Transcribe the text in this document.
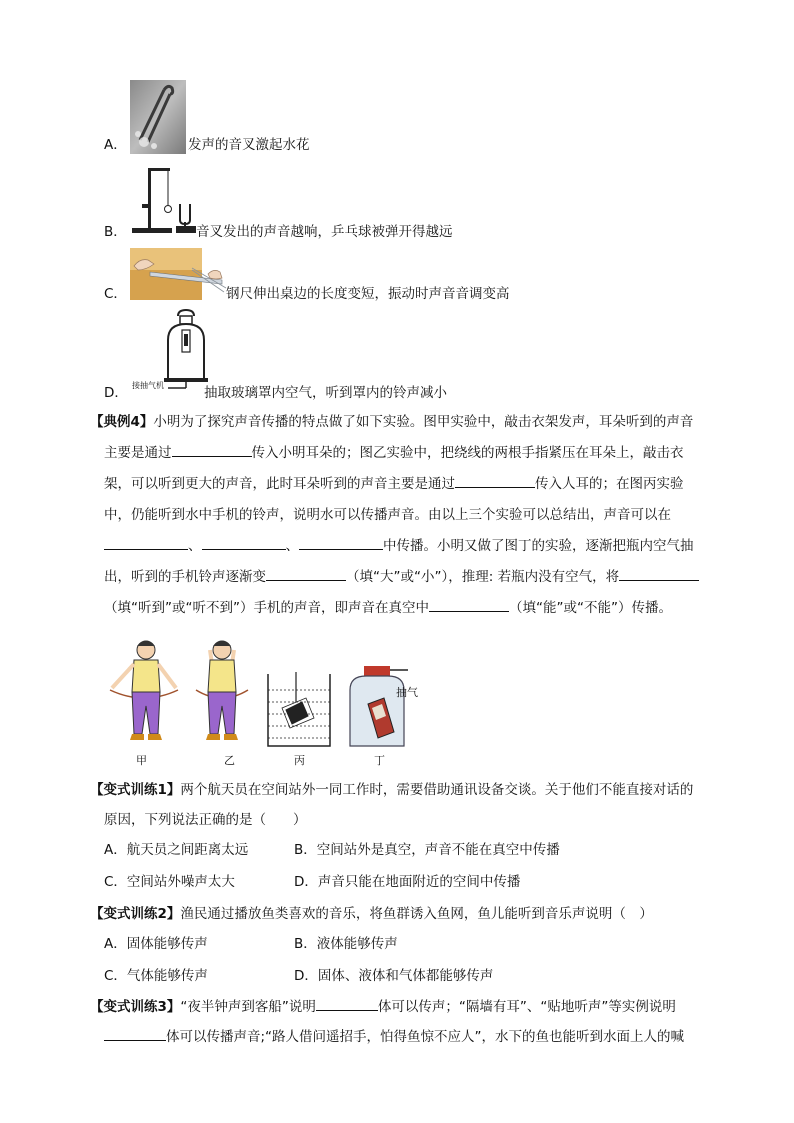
A．	发声的音叉激起水花
B．	音叉发出的声音越响，乒乓球被弹开得越远
C．	钢尺伸出桌边的长度变短，振动时声音音调变高
D． 接抽气机	抽取玻璃罩内空气，听到罩内的铃声减小
【典例4】小明为了探究声音传播的特点做了如下实验。图甲实验中，敲击衣架发声，耳朵听到的声音
主要是通过	传入小明耳朵的；图乙实验中，把绕线的两根手指紧压在耳朵上，敲击衣
架，可以听到更大的声音，此时耳朵听到的声音主要是通过	传入人耳的；在图丙实验
中，仍能听到水中手机的铃声，说明水可以传播声音。由以上三个实验可以总结出，声音可以在
、	、	中传播。小明又做了图丁的实验，逐渐把瓶内空气抽
出，听到的手机铃声逐渐变	（填“大”或“小”），推理: 若瓶内没有空气，将
（填“听到”或“听不到”）手机的声音，即声音在真空中	（填“能”或“不能”）传播。
抽气
甲	乙	丙	丁
【变式训练1】两个航天员在空间站外一同工作时，需要借助通讯设备交谈。关于他们不能直接对话的
原因，下列说法正确的是（　　）
A．航天员之间距离太远	B．空间站外是真空，声音不能在真空中传播
C．空间站外噪声太大	D．声音只能在地面附近的空间中传播
【变式训练2】渔民通过播放鱼类喜欢的音乐，将鱼群诱入鱼网，鱼儿能听到音乐声说明（　）
A．固体能够传声	B．液体能够传声
C．气体能够传声	D．固体、液体和气体都能够传声
【变式训练3】“夜半钟声到客船”说明	体可以传声；“隔墙有耳”、“贴地听声”等实例说明
体可以传播声音;“路人借问遥招手，怕得鱼惊不应人”，水下的鱼也能听到水面上人的喊
